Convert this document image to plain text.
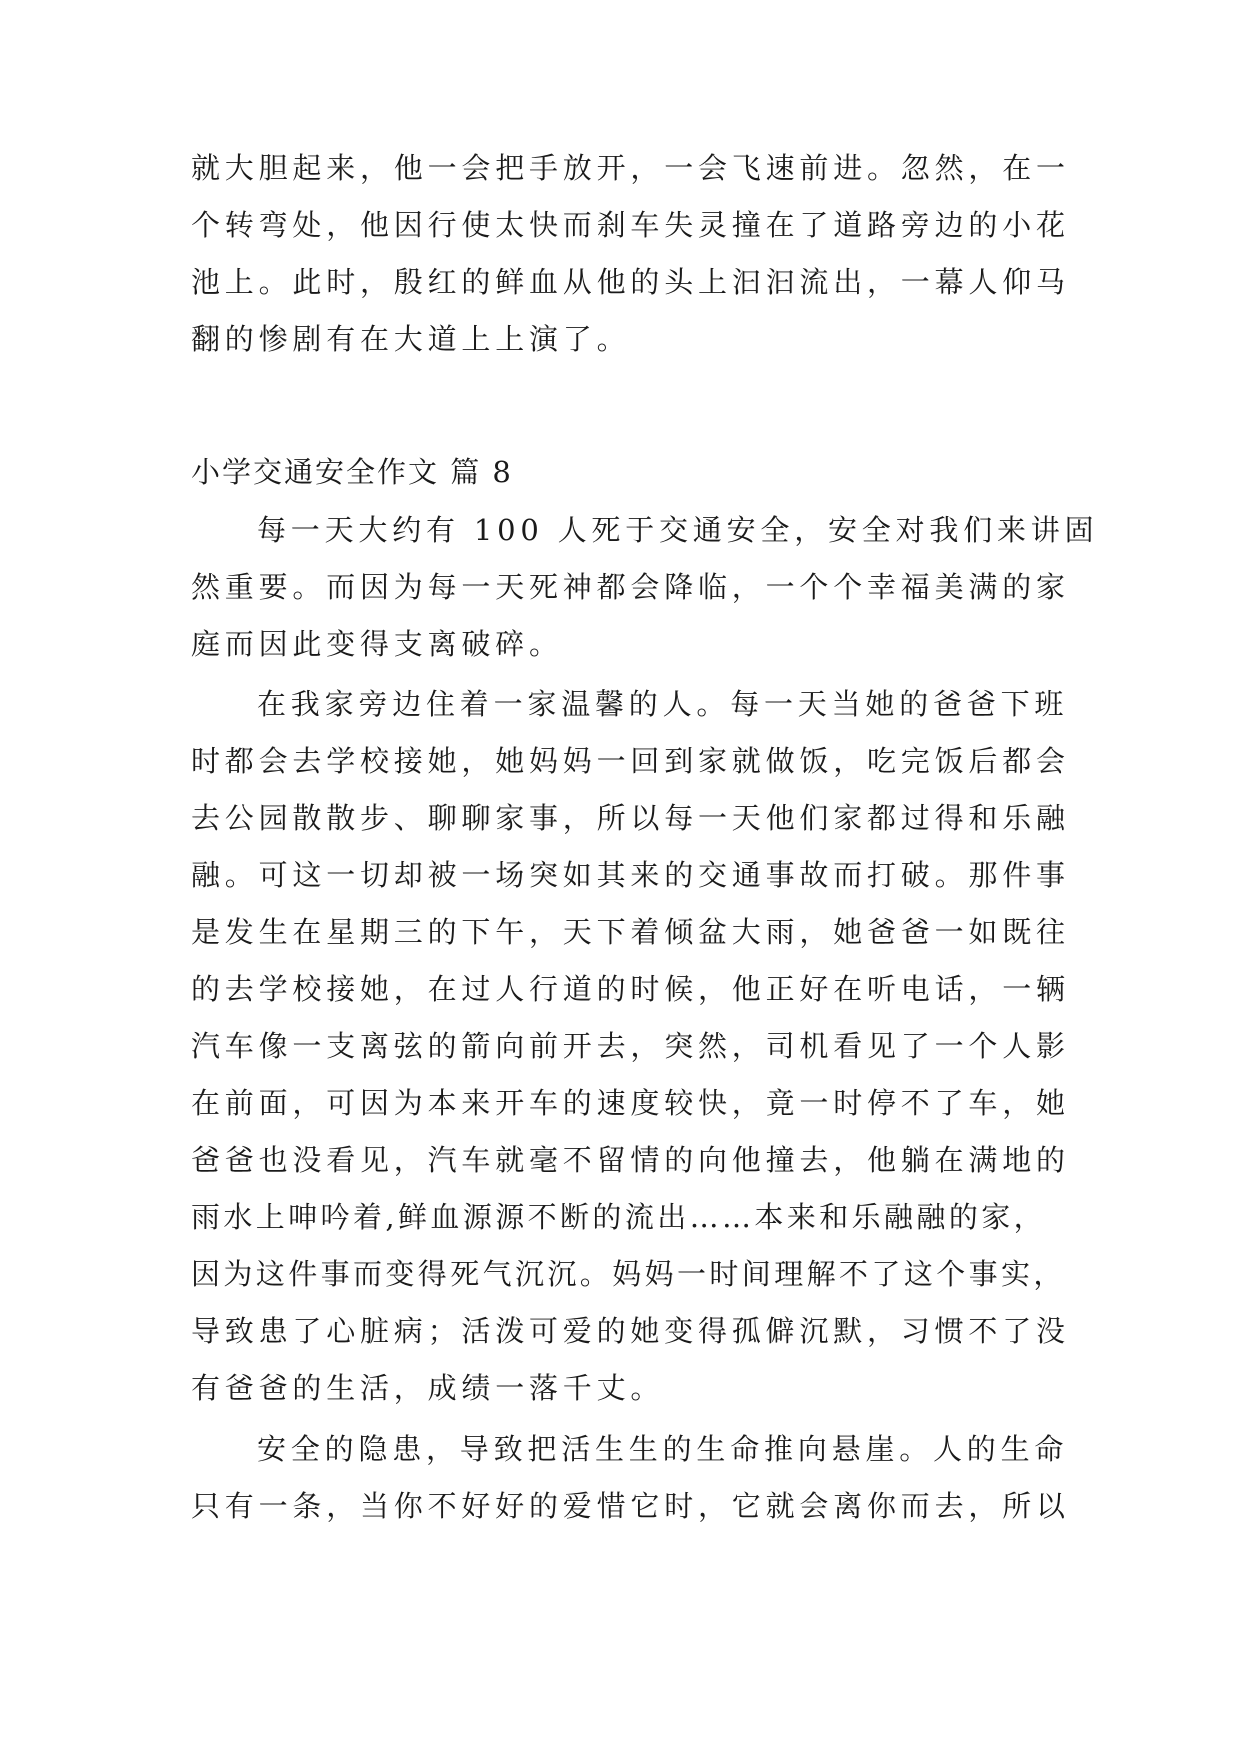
就大胆起来，他一会把手放开，一会飞速前进。忽然，在一
个转弯处，他因行使太快而刹车失灵撞在了道路旁边的小花
池上。此时，殷红的鲜血从他的头上汩汩流出，一幕人仰马
翻的惨剧有在大道上上演了。
小学交通安全作文 篇 8
每一天大约有 100 人死于交通安全，安全对我们来讲固
然重要。而因为每一天死神都会降临，一个个幸福美满的家
庭而因此变得支离破碎。
在我家旁边住着一家温馨的人。每一天当她的爸爸下班
时都会去学校接她，她妈妈一回到家就做饭，吃完饭后都会
去公园散散步、聊聊家事，所以每一天他们家都过得和乐融
融。可这一切却被一场突如其来的交通事故而打破。那件事
是发生在星期三的下午，天下着倾盆大雨，她爸爸一如既往
的去学校接她，在过人行道的时候，他正好在听电话，一辆
汽车像一支离弦的箭向前开去，突然，司机看见了一个人影
在前面，可因为本来开车的速度较快，竟一时停不了车，她
爸爸也没看见，汽车就毫不留情的向他撞去，他躺在满地的
雨水上呻吟着,鲜血源源不断的流出……本来和乐融融的家，
因为这件事而变得死气沉沉。妈妈一时间理解不了这个事实，
导致患了心脏病；活泼可爱的她变得孤僻沉默，习惯不了没
有爸爸的生活，成绩一落千丈。
安全的隐患，导致把活生生的生命推向悬崖。人的生命
只有一条，当你不好好的爱惜它时，它就会离你而去，所以
